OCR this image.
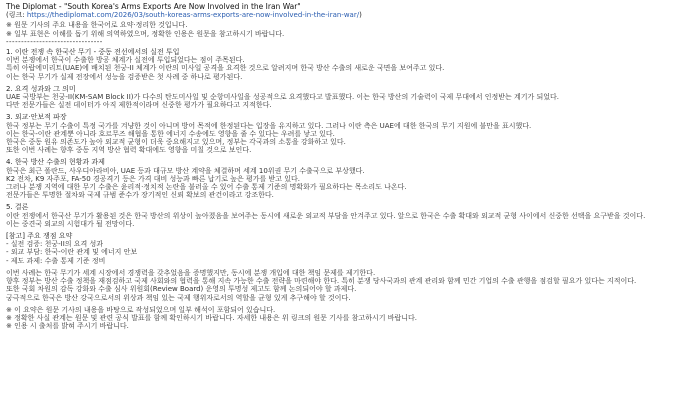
The Diplomat - "South Korea's Arms Exports Are Now Involved in the Iran War"
(링크: https://thediplomat.com/2026/03/south-koreas-arms-exports-are-now-involved-in-the-iran-war/)
※ 원문 기사의 주요 내용을 한국어로 요약·정리한 것입니다.
※ 일부 표현은 이해를 돕기 위해 의역하였으며, 정확한 인용은 원문을 참고하시기 바랍니다.
--------------------------------
1. 이란 전쟁 속 한국산 무기 - 중동 전선에서의 실전 투입
이번 분쟁에서 한국이 수출한 방공 체계가 실전에 투입되었다는 점이 주목된다.
특히 아랍에미리트(UAE)에 배치된 천궁-II 체계가 이란의 미사일 공격을 요격한 것으로 알려지며 한국 방산 수출의 새로운 국면을 보여주고 있다.
이는 한국 무기가 실제 전장에서 성능을 검증받은 첫 사례 중 하나로 평가된다.
2. 요격 성과와 그 의미
UAE 국방부는 천궁-II(KM-SAM Block II)가 다수의 탄도미사일 및 순항미사일을 성공적으로 요격했다고 발표했다. 이는 한국 방산의 기술력이 국제 무대에서 인정받는 계기가 되었다.
다만 전문가들은 실전 데이터가 아직 제한적이라며 신중한 평가가 필요하다고 지적한다.
3. 외교·안보적 파장
한국 정부는 무기 수출이 특정 국가를 겨냥한 것이 아니며 방어 목적에 한정된다는 입장을 유지하고 있다. 그러나 이란 측은 UAE에 대한 한국의 무기 지원에 불만을 표시했다.
이는 한국-이란 관계뿐 아니라 호르무즈 해협을 통한 에너지 수송에도 영향을 줄 수 있다는 우려를 낳고 있다.
한국은 중동 원유 의존도가 높아 외교적 균형이 더욱 중요해지고 있으며, 정부는 각국과의 소통을 강화하고 있다.
또한 이번 사례는 향후 중동 지역 방산 협력 확대에도 영향을 미칠 것으로 보인다.
4. 한국 방산 수출의 현황과 과제
한국은 최근 폴란드, 사우디아라비아, UAE 등과 대규모 방산 계약을 체결하며 세계 10위권 무기 수출국으로 부상했다.
K2 전차, K9 자주포, FA-50 경공격기 등은 가격 대비 성능과 빠른 납기로 높은 평가를 받고 있다.
그러나 분쟁 지역에 대한 무기 수출은 윤리적·정치적 논란을 불러올 수 있어 수출 통제 기준의 명확화가 필요하다는 목소리도 나온다.
전문가들은 투명한 절차와 국제 규범 준수가 장기적인 신뢰 확보의 관건이라고 강조한다.
5. 결론
이란 전쟁에서 한국산 무기가 활용된 것은 한국 방산의 위상이 높아졌음을 보여주는 동시에 새로운 외교적 부담을 안겨주고 있다. 앞으로 한국은 수출 확대와 외교적 균형 사이에서 신중한 선택을 요구받을 것이다.
이는 중견국 외교의 시험대가 될 전망이다.
[참고] 주요 쟁점 요약
- 실전 검증: 천궁-II의 요격 성과
- 외교 부담: 한국-이란 관계 및 에너지 안보
- 제도 과제: 수출 통제 기준 정비
이번 사례는 한국 무기가 세계 시장에서 경쟁력을 갖추었음을 증명했지만, 동시에 분쟁 개입에 대한 책임 문제를 제기한다.
향후 정부는 방산 수출 정책을 재점검하고 국제 사회와의 협력을 통해 지속 가능한 수출 전략을 마련해야 한다. 특히 분쟁 당사국과의 관계 관리와 함께 민간 기업의 수출 관행을 점검할 필요가 있다는 지적이다.
또한 국회 차원의 감독 강화와 수출 심사 위원회(Review Board) 운영의 투명성 제고도 함께 논의되어야 할 과제다.
궁극적으로 한국은 방산 강국으로서의 위상과 책임 있는 국제 행위자로서의 역할을 균형 있게 추구해야 할 것이다.
※ 이 요약은 원문 기사의 내용을 바탕으로 작성되었으며 일부 해석이 포함되어 있습니다.
※ 정확한 사실 관계는 원문 및 관련 공식 발표를 함께 확인하시기 바랍니다. 자세한 내용은 위 링크의 원문 기사를 참고하시기 바랍니다.
※ 인용 시 출처를 밝혀 주시기 바랍니다.
